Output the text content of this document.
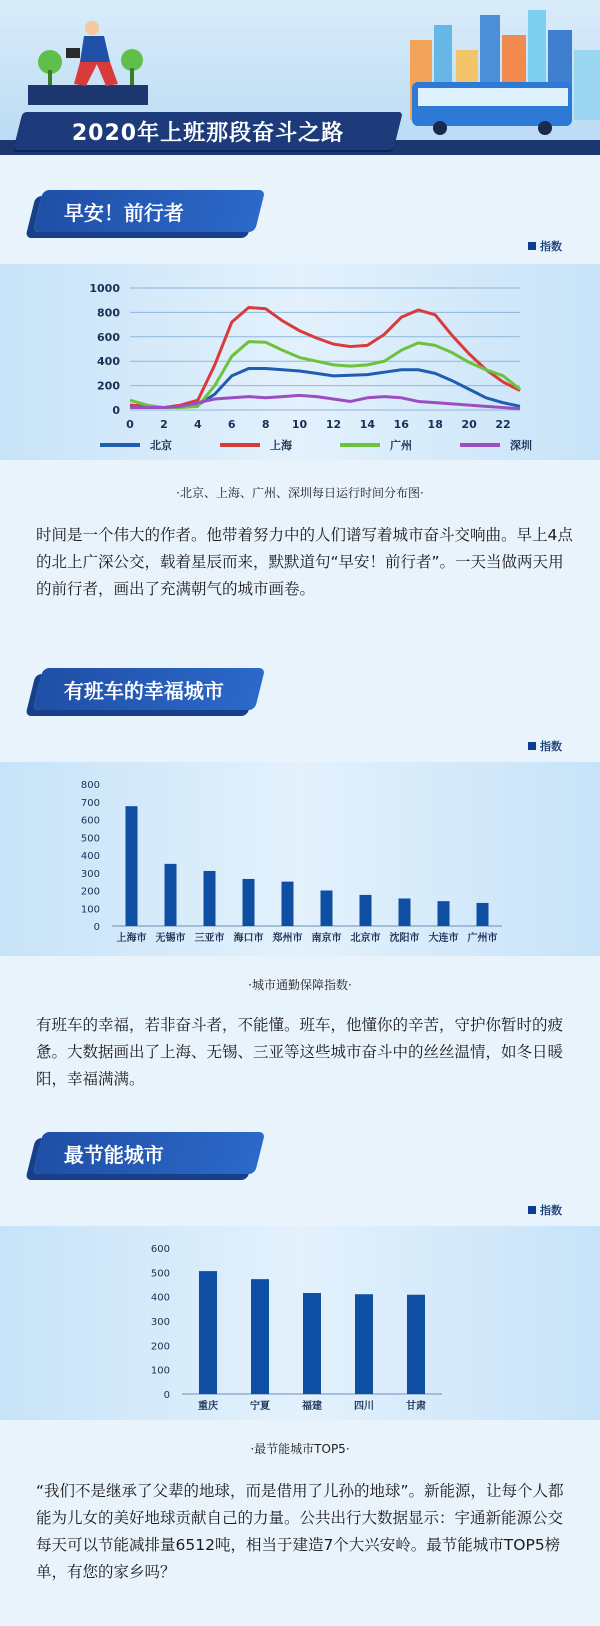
2020年上班那段奋斗之路
早安！前行者
指数
0
200
400
600
800
1000
0 2 4 6 8 10 12 14 16 18 20 22
北京	上海	广州	深圳
·北京、上海、广州、深圳每日运行时间分布图·
时间是一个伟大的作者。他带着努力中的人们谱写着城市奋斗交响曲。早上4点的北上广深公交，载着星辰而来，默默道句“早安！前行者”。一天当做两天用的前行者，画出了充满朝气的城市画卷。
有班车的幸福城市
指数
0
100
200
300
400
500
600
700
800
上海市 无锡市 三亚市 海口市 郑州市 南京市 北京市 沈阳市 大连市 广州市
·城市通勤保障指数·
有班车的幸福，若非奋斗者，不能懂。班车，他懂你的辛苦，守护你暂时的疲惫。大数据画出了上海、无锡、三亚等这些城市奋斗中的丝丝温情，如冬日暖阳，幸福满满。
最节能城市
指数
0
100
200
300
400
500
600
重庆	宁夏	福建	四川	甘肃
·最节能城市TOP5·
“我们不是继承了父辈的地球，而是借用了儿孙的地球”。新能源，让每个人都能为儿女的美好地球贡献自己的力量。公共出行大数据显示：宇通新能源公交每天可以节能减排量6512吨，相当于建造7个大兴安岭。最节能城市TOP5榜单，有您的家乡吗？
